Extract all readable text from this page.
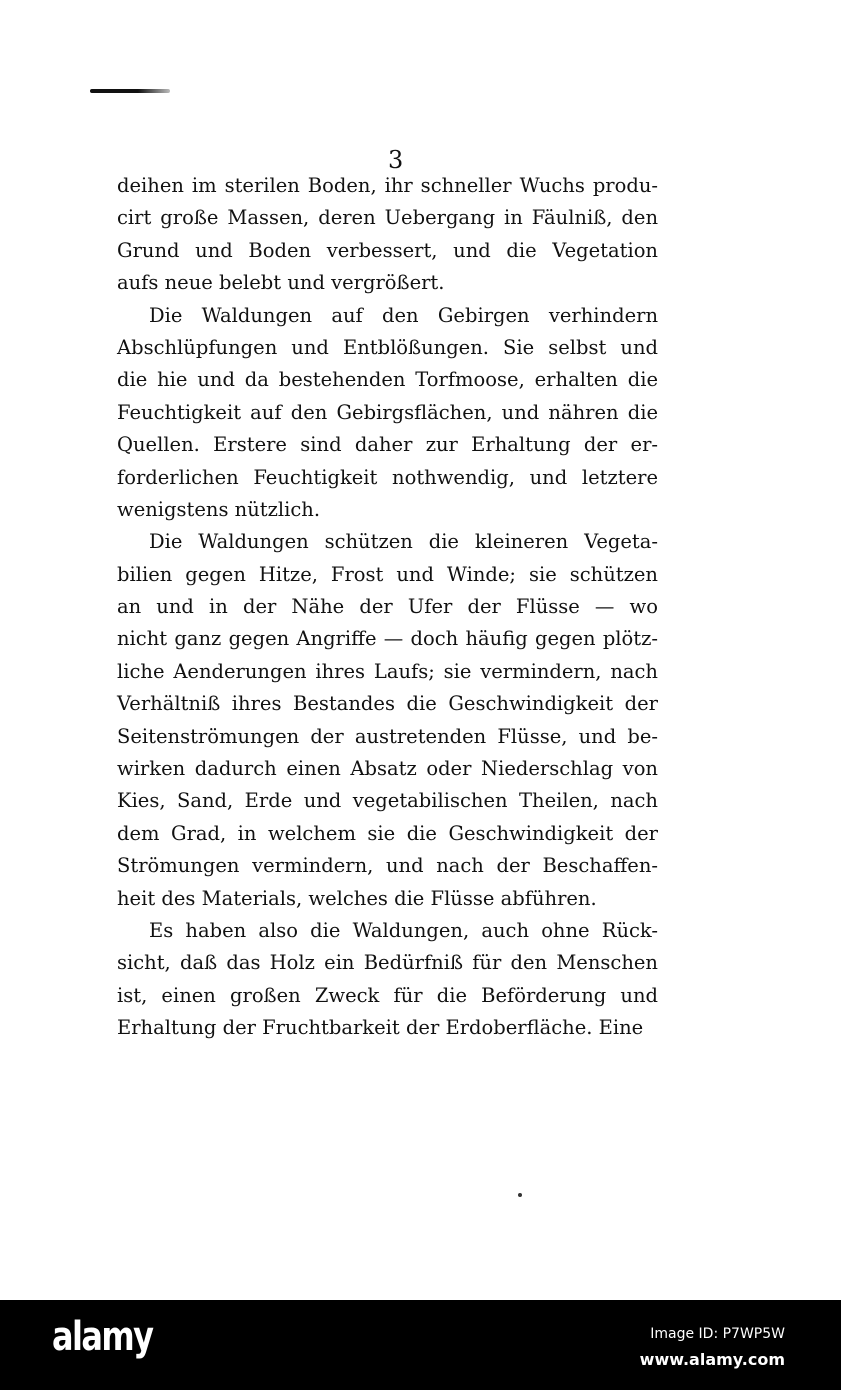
3
deihen im sterilen Boden, ihr schneller Wuchs produ-
cirt große Massen, deren Uebergang in Fäulniß, den
Grund und Boden verbessert, und die Vegetation
aufs neue belebt und vergrößert.
Die Waldungen auf den Gebirgen verhindern
Abschlüpfungen und Entblößungen. Sie selbst und
die hie und da bestehenden Torfmoose, erhalten die
Feuchtigkeit auf den Gebirgsflächen, und nähren die
Quellen. Erstere sind daher zur Erhaltung der er-
forderlichen Feuchtigkeit nothwendig, und letztere
wenigstens nützlich.
Die Waldungen schützen die kleineren Vegeta-
bilien gegen Hitze, Frost und Winde; sie schützen
an und in der Nähe der Ufer der Flüsse — wo
nicht ganz gegen Angriffe — doch häufig gegen plötz-
liche Aenderungen ihres Laufs; sie vermindern, nach
Verhältniß ihres Bestandes die Geschwindigkeit der
Seitenströmungen der austretenden Flüsse, und be-
wirken dadurch einen Absatz oder Niederschlag von
Kies, Sand, Erde und vegetabilischen Theilen, nach
dem Grad, in welchem sie die Geschwindigkeit der
Strömungen vermindern, und nach der Beschaffen-
heit des Materials, welches die Flüsse abführen.
Es haben also die Waldungen, auch ohne Rück-
sicht, daß das Holz ein Bedürfniß für den Menschen
ist, einen großen Zweck für die Beförderung und
Erhaltung der Fruchtbarkeit der Erdoberfläche. Eine
alamy	Image ID: P7WP5W
www.alamy.com
